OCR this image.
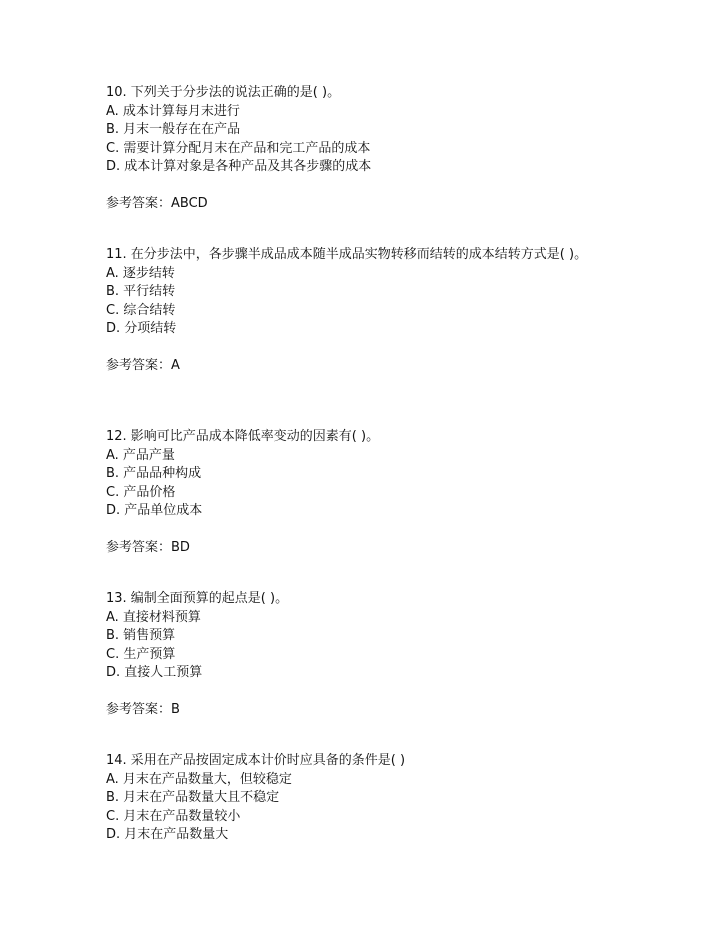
10. 下列关于分步法的说法正确的是( )。
A. 成本计算每月末进行
B. 月末一般存在在产品
C. 需要计算分配月末在产品和完工产品的成本
D. 成本计算对象是各种产品及其各步骤的成本
参考答案：ABCD
11. 在分步法中，各步骤半成品成本随半成品实物转移而结转的成本结转方式是( )。
A. 逐步结转
B. 平行结转
C. 综合结转
D. 分项结转
参考答案：A
12. 影响可比产品成本降低率变动的因素有( )。
A. 产品产量
B. 产品品种构成
C. 产品价格
D. 产品单位成本
参考答案：BD
13. 编制全面预算的起点是( )。
A. 直接材料预算
B. 销售预算
C. 生产预算
D. 直接人工预算
参考答案：B
14. 采用在产品按固定成本计价时应具备的条件是( )
A. 月末在产品数量大，但较稳定
B. 月末在产品数量大且不稳定
C. 月末在产品数量较小
D. 月末在产品数量大
